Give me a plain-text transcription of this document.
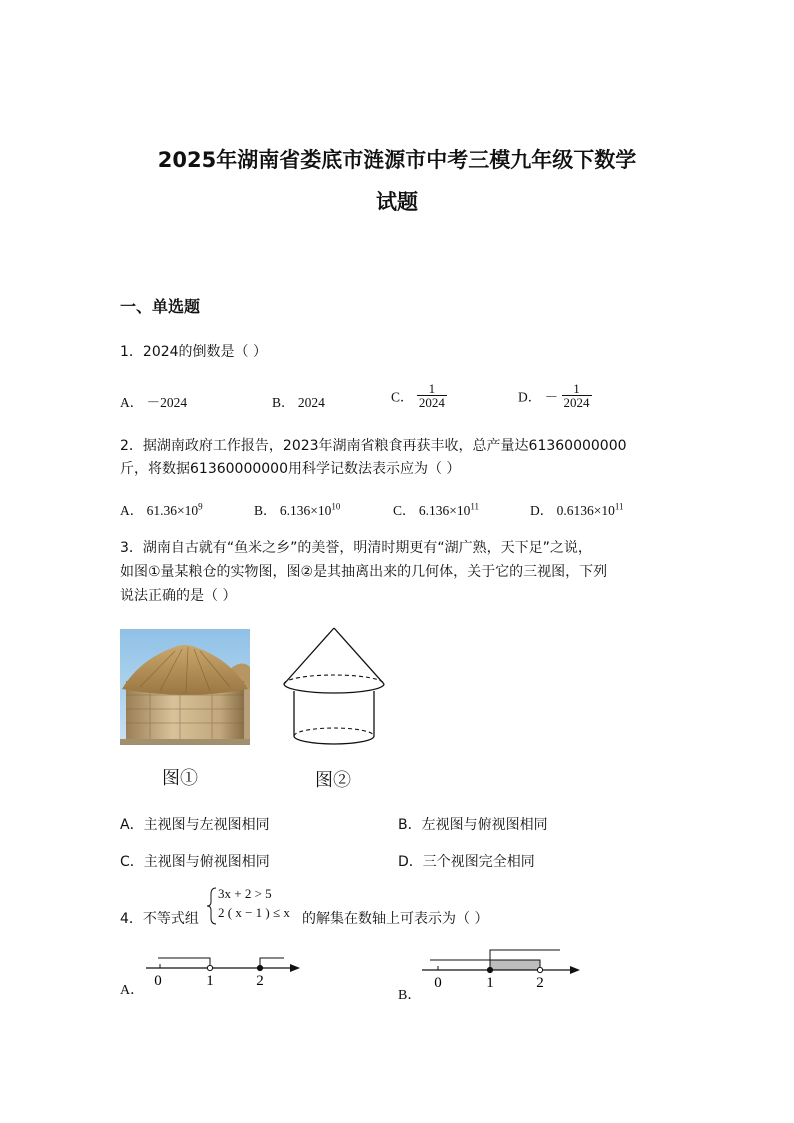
2025年湖南省娄底市涟源市中考三模九年级下数学
试题
一、单选题
1．2024的倒数是（ ）
A． －2024	B． 2024	C． $\frac{1}{2024}$	D． － $\frac{1}{2024}$
2．据湖南政府工作报告，2023年湖南省粮食再获丰收，总产量达61360000000
斤，将数据61360000000用科学记数法表示应为（ ）
A． $61.36\times 10^9$	B． $6.136\times 10^{10}$	C． $6.136\times 10^{11}$	D． $0.6136\times 10^{11}$
3．湖南自古就有“鱼米之乡”的美誉，明清时期更有“湖广熟，天下足”之说，
如图①量某粮仓的实物图，图②是其抽离出来的几何体，关于它的三视图，下列
说法正确的是（ ）
图①	图②
A．主视图与左视图相同	B．左视图与俯视图相同
C．主视图与俯视图相同	D．三个视图完全相同
4．不等式组
3x + 2 > 5
2 ( x − 1 ) ≤ x 的解集在数轴上可表示为（ ）
A．
0	1	2
B．
0	1	2
